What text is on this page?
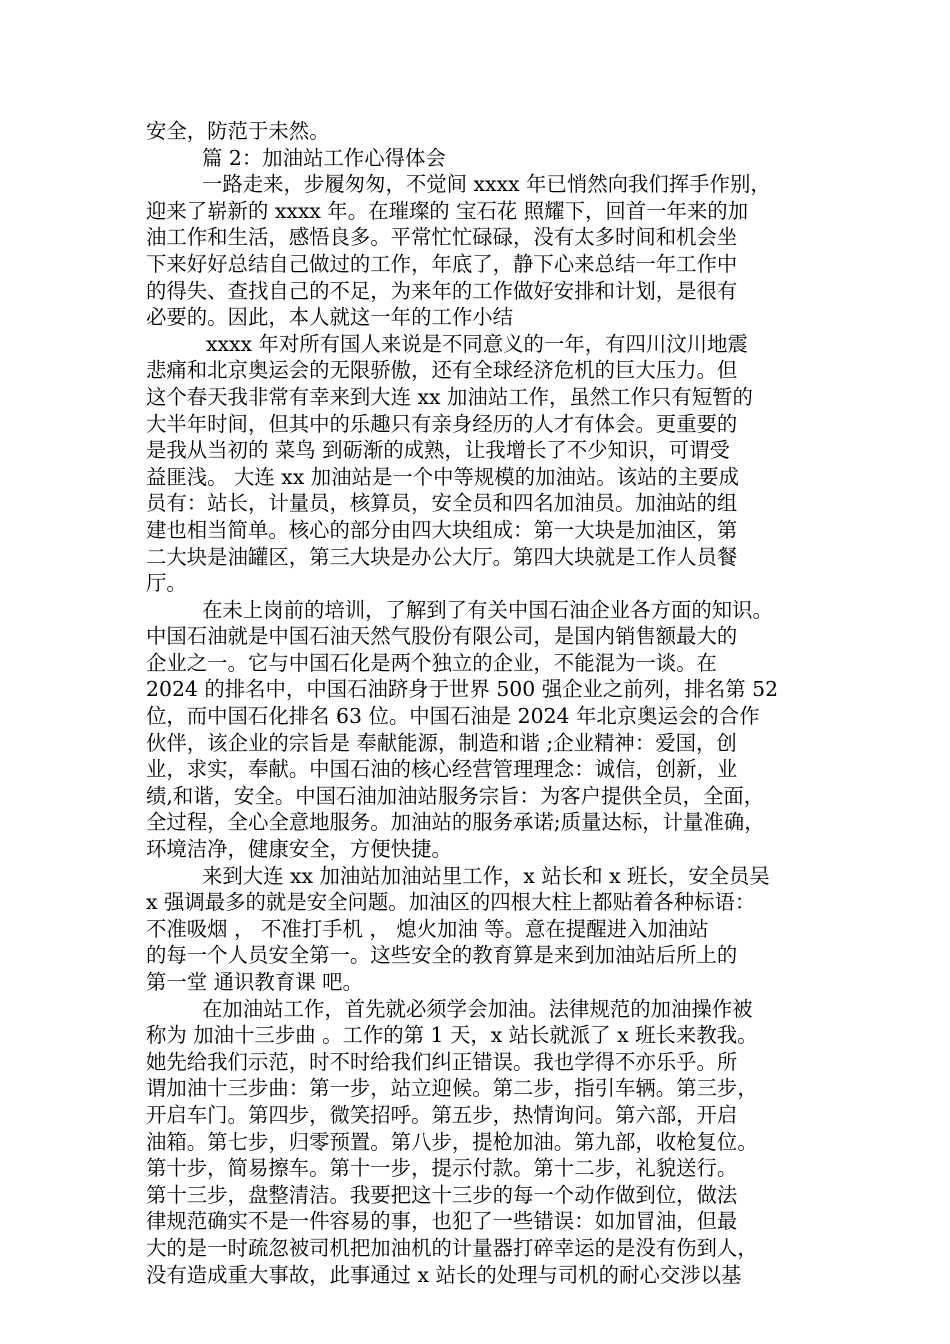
安全，防范于未然。
篇 2：加油站工作心得体会
一路走来，步履匆匆，不觉间 xxxx 年已悄然向我们挥手作别，
迎来了崭新的 xxxx 年。在璀璨的 宝石花 照耀下，回首一年来的加
油工作和生活，感悟良多。平常忙忙碌碌，没有太多时间和机会坐
下来好好总结自己做过的工作，年底了，静下心来总结一年工作中
的得失、查找自己的不足，为来年的工作做好安排和计划，是很有
必要的。因此，本人就这一年的工作小结
xxxx 年对所有国人来说是不同意义的一年，有四川汶川地震
悲痛和北京奥运会的无限骄傲，还有全球经济危机的巨大压力。但
这个春天我非常有幸来到大连 xx 加油站工作，虽然工作只有短暂的
大半年时间，但其中的乐趣只有亲身经历的人才有体会。更重要的
是我从当初的 菜鸟 到砺渐的成熟，让我增长了不少知识，可谓受
益匪浅。 大连 xx 加油站是一个中等规模的加油站。该站的主要成
员有：站长，计量员，核算员，安全员和四名加油员。加油站的组
建也相当简单。核心的部分由四大块组成：第一大块是加油区，第
二大块是油罐区，第三大块是办公大厅。第四大块就是工作人员餐
厅。
在未上岗前的培训，了解到了有关中国石油企业各方面的知识。
中国石油就是中国石油天然气股份有限公司，是国内销售额最大的
企业之一。它与中国石化是两个独立的企业，不能混为一谈。在
2024 的排名中，中国石油跻身于世界 500 强企业之前列，排名第 52
位，而中国石化排名 63 位。中国石油是 2024 年北京奥运会的合作
伙伴，该企业的宗旨是 奉献能源，制造和谐 ;企业精神：爱国，创
业，求实，奉献。中国石油的核心经营管理理念：诚信，创新，业
绩,和谐，安全。中国石油加油站服务宗旨：为客户提供全员，全面，
全过程，全心全意地服务。加油站的服务承诺;质量达标，计量准确，
环境洁净，健康安全，方便快捷。
来到大连 xx 加油站加油站里工作，x 站长和 x 班长，安全员吴
x 强调最多的就是安全问题。加油区的四根大柱上都贴着各种标语：
不准吸烟 ， 不准打手机 ， 熄火加油 等。意在提醒进入加油站
的每一个人员安全第一。这些安全的教育算是来到加油站后所上的
第一堂 通识教育课 吧。
在加油站工作，首先就必须学会加油。法律规范的加油操作被
称为 加油十三步曲 。工作的第 1 天，x 站长就派了 x 班长来教我。
她先给我们示范，时不时给我们纠正错误。我也学得不亦乐乎。所
谓加油十三步曲：第一步，站立迎候。第二步，指引车辆。第三步，
开启车门。第四步，微笑招呼。第五步，热情询问。第六部，开启
油箱。第七步，归零预置。第八步，提枪加油。第九部，收枪复位。
第十步，简易擦车。第十一步，提示付款。第十二步，礼貌送行。
第十三步，盘整清洁。我要把这十三步的每一个动作做到位，做法
律规范确实不是一件容易的事，也犯了一些错误：如加冒油，但最
大的是一时疏忽被司机把加油机的计量器打碎幸运的是没有伤到人，
没有造成重大事故，此事通过 x 站长的处理与司机的耐心交涉以基
